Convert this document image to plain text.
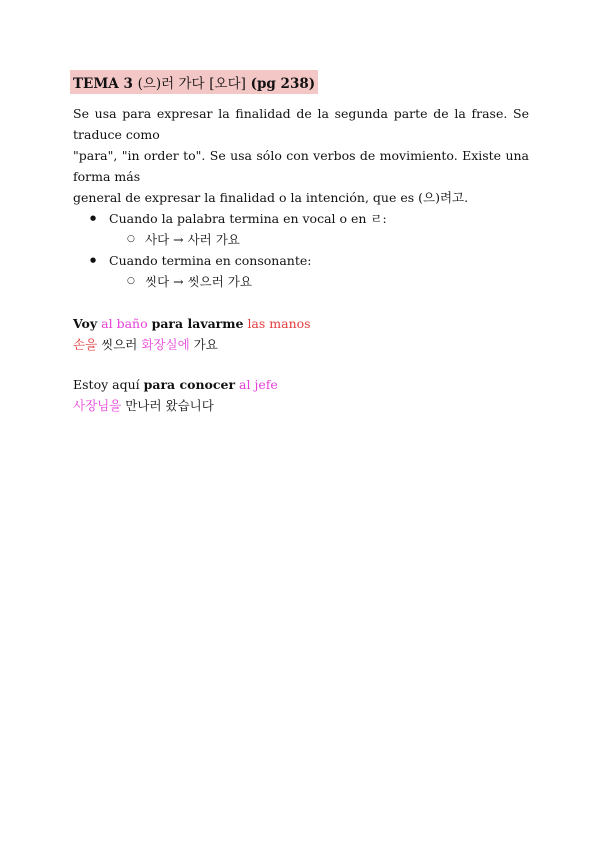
TEMA 3 (으)러 가다 [오다] (pg 238)
Se usa para expresar la finalidad de la segunda parte de la frase. Se traduce como
"para", "in order to". Se usa sólo con verbos de movimiento. Existe una forma más
general de expresar la finalidad o la intención, que es (으)려고.
● Cuando la palabra termina en vocal o en ㄹ:
○ 사다 → 사러 가요
● Cuando termina en consonante:
○ 씻다 → 씻으러 가요
Voy al baño para lavarme las manos
손을 씻으러 화장실에 가요
Estoy aquí para conocer al jefe
사장님을 만나러 왔습니다
